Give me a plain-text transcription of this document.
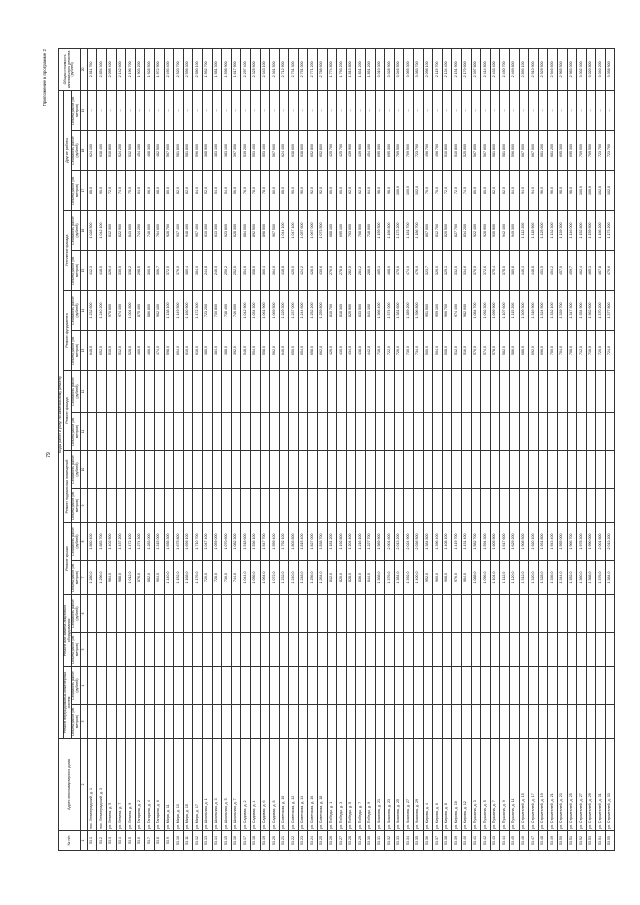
79
Приложение к программе 2
№ п/п	Адрес многоквартирного дома	Виды работ и услуг по капитальному ремонту																	Общая стоимость капитального ремонта (рублей)
		Ремонт внутридомовых инженерных систем		Ремонт или замена лифтового оборудования		Ремонт крыши		Ремонт подвальных помещений		Ремонт фасада		Ремонт фундамента		Утепление фасада		Другие работы			
		Объем работ (кв. метров)	Стоимость работ (рублей)	Объем работ (кв. метров)	Стоимость работ (рублей)	Объем работ (кв. метров)	Стоимость работ (рублей)	Объем работ (кв. метров)	Стоимость работ (рублей)	Объем работ (кв. метров)	Стоимость работ (рублей)	Объем работ (кв. метров)	Стоимость работ (рублей)	Объем работ (кв. метров)	Стоимость работ (рублей)	Объем работ (кв. метров)	Стоимость работ (рублей)	Объем работ (кв. метров)	
1	2	3	4	5	6	7	8	9	10	11	12	13	14	15	16	17	18	19	20
53.1	пос. Ленинградский, д. 1					1 280,0	1 860 400					648,0	1 232 600	412,3	1 028 500	88,0	624 100	–	2 811 760
53.2	пос. Ленинградский, д. 3					1 296,0	1 883 700					652,0	1 240 200	418,0	1 042 100	90,0	638 400	–	2 854 300
53.3	ул. Ленина, д. 5					964,0	1 402 500					510,0	970 600	326,4	812 300	72,0	510 800	–	2 095 400
53.4	ул. Ленина, д. 7					988,0	1 437 200					512,0	974 400	330,0	822 900	74,0	524 200	–	2 142 600
53.5	ул. Ленина, д. 9					1 012,0	1 472 100					528,0	1 004 800	338,2	843 000	75,0	532 500	–	2 196 700
53.6	ул. Гагарина, д. 2					876,0	1 274 300					460,0	875 400	298,5	744 200	64,0	454 100	–	1 903 200
53.7	ул. Гагарина, д. 4					882,0	1 283 000					466,0	886 800	300,0	748 000	66,0	468 300	–	1 928 500
53.8	ул. Гагарина, д. 6					904,0	1 315 000					474,0	902 100	306,7	764 600	68,0	482 500	–	1 972 900
53.9	ул. Мира, д. 11					1 140,0	1 658 300					598,0	1 138 100	372,5	928 700	80,0	567 600	–	2 493 400
53.10	ул. Мира, д. 13					1 152,0	1 675 800					604,0	1 149 500	376,0	937 400	82,0	581 800	–	2 520 700
53.11	ул. Мира, д. 15					1 168,0	1 699 100					610,0	1 160 900	380,4	948 400	82,0	581 800	–	2 556 300
53.12	ул. Мира, д. 17					1 176,0	1 710 700					616,0	1 172 300	384,0	957 400	84,0	596 000	–	2 580 100
53.13	ул. Школьная, д. 1					720,0	1 047 400					380,0	723 200	244,8	610 300	52,0	368 900	–	1 562 700
53.14	ул. Школьная, д. 3					728,0	1 059 000					384,0	730 800	246,0	613 300	54,0	383 100	–	1 581 300
53.15	ул. Школьная, д. 5					736,0	1 070 600					388,0	738 400	250,2	623 800	54,0	383 100	–	1 598 900
53.16	ул. Школьная, д. 7					744,0	1 082 300					392,0	746 000	252,0	628 300	56,0	397 300	–	1 617 900
53.17	ул. Садовая, д. 2					1 044,0	1 518 600					548,0	1 042 900	354,6	884 000	76,0	539 200	–	2 297 400
53.18	ул. Садовая, д. 4					1 056,0	1 536 100					554,0	1 054 300	358,0	892 500	78,0	553 400	–	2 325 600
53.19	ул. Садовая, д. 6					1 064,0	1 547 700					558,0	1 061 900	360,4	898 500	78,0	553 400	–	2 343 100
53.20	ул. Садовая, д. 8					1 072,0	1 559 400					562,0	1 069 500	364,0	907 500	80,0	567 600	–	2 361 500
53.21	ул. Советская, д. 10					1 232,0	1 792 100					646,0	1 229 300	418,8	1 044 100	88,0	624 400	–	2 712 900
53.22	ул. Советская, д. 12					1 240,0	1 803 800					650,0	1 237 000	420,0	1 047 100	90,0	638 600	–	2 731 300
53.23	ул. Советская, д. 14					1 248,0	1 815 400					654,0	1 244 600	424,2	1 057 600	90,0	638 600	–	2 751 000
53.24	ул. Советская, д. 16					1 256,0	1 827 000					658,0	1 252 200	428,0	1 067 000	92,0	652 800	–	2 771 200
53.25	ул. Советская, д. 18					1 264,0	1 838 700					662,0	1 259 800	430,6	1 073 500	92,0	652 800	–	2 788 600
53.26	ул. Победы, д. 1					812,0	1 181 200					426,0	810 700	276,0	688 100	60,0	425 700	–	1 774 800
53.27	ул. Победы, д. 3					820,0	1 192 800					430,0	818 300	278,8	695 100	60,0	425 700	–	1 793 200
53.28	ул. Победы, д. 5					828,0	1 204 400					434,0	825 900	282,0	703 000	62,0	439 900	–	1 813 800
53.29	ул. Победы, д. 7					836,0	1 216 100					438,0	833 500	284,2	708 500	62,0	439 900	–	1 831 200
53.30	ул. Победы, д. 9					844,0	1 227 700					442,0	841 100	288,0	718 000	64,0	454 100	–	1 851 200
53.31	ул. Чкалова, д. 21					1 368,0	1 989 900					718,0	1 366 400	465,1	1 159 500	98,0	695 300	–	3 010 300
53.32	ул. Чкалова, д. 23					1 376,0	2 001 600					722,0	1 374 000	468,0	1 166 800	98,0	695 300	–	3 028 900
53.33	ул. Чкалова, д. 25					1 384,0	2 013 200					726,0	1 381 600	470,6	1 173 200	100,0	709 500	–	3 046 500
53.34	ул. Чкалова, д. 27					1 392,0	2 024 900					730,0	1 389 200	474,0	1 181 700	100,0	709 500	–	3 065 300
53.35	ул. Чкалова, д. 29					1 400,0	2 036 500					734,0	1 396 800	476,0	1 186 700	102,0	723 700	–	3 083 700
53.36	ул. Кирова, д. 4					952,0	1 384 800					500,0	951 500	323,7	807 000	70,0	496 700	–	2 098 100
53.37	ул. Кирова, д. 6					960,0	1 396 400					504,0	959 100	326,0	812 700	70,0	496 700	–	2 115 700
53.38	ул. Кирова, д. 8					968,0	1 408 100					508,0	966 700	329,1	820 500	72,0	510 800	–	2 134 400
53.39	ул. Кирова, д. 10					976,0	1 419 700					512,0	974 400	332,0	827 700	72,0	510 800	–	2 151 900
53.40	ул. Кирова, д. 12					984,0	1 431 400					516,0	982 000	334,6	834 200	74,0	525 000	–	2 170 600
53.41	ул. Пушкина, д. 3					1 088,0	1 582 700					570,0	1 084 700	370,0	922 400	80,0	567 600	–	2 397 800
53.42	ул. Пушкина, д. 5					1 096,0	1 594 300					574,0	1 092 300	372,6	928 900	80,0	567 600	–	2 414 800
53.43	ул. Пушкина, д. 7					1 104,0	1 605 900					578,0	1 099 900	375,4	935 900	82,0	581 800	–	2 433 400
53.44	ул. Пушкина, д. 9					1 112,0	1 617 600					582,0	1 107 600	378,0	942 400	82,0	581 800	–	2 450 700
53.45	ул. Пушкина, д. 11					1 120,0	1 629 200					586,0	1 115 200	380,8	949 300	84,0	596 000	–	2 469 800
53.46	ул. Строителей, д. 15					1 312,0	1 908 500					688,0	1 309 300	446,1	1 112 200	94,0	667 000	–	2 893 100
53.47	ул. Строителей, д. 17					1 320,0	1 920 100					692,0	1 316 900	448,8	1 118 900	94,0	667 000	–	2 910 900
53.48	ул. Строителей, д. 19					1 328,0	1 931 800					696,0	1 324 500	451,5	1 125 600	96,0	681 200	–	2 929 500
53.49	ул. Строителей, д. 21					1 336,0	1 943 400					700,0	1 332 100	454,2	1 132 300	96,0	681 200	–	2 946 600
53.50	ул. Строителей, д. 23					1 344,0	1 955 000					704,0	1 339 700	457,0	1 139 300	98,0	695 300	–	2 965 500
53.51	ул. Строителей, д. 25					1 352,0	1 966 700					708,0	1 347 300	459,7	1 146 000	98,0	695 300	–	2 983 000
53.52	ул. Строителей, д. 27					1 360,0	1 978 300					712,0	1 354 900	462,4	1 152 800	100,0	709 500	–	3 002 300
53.53	ул. Строителей, д. 29					1 368,0	1 990 000					716,0	1 362 600	465,1	1 159 500	100,0	709 500	–	3 020 800
53.54	ул. Строителей, д. 31					1 376,0	2 001 600					720,0	1 370 200	467,8	1 166 200	102,0	723 700	–	3 040 200
53.55	ул. Строителей, д. 33					1 384,0	2 013 200					724,0	1 377 800	470,6	1 173 200	102,0	723 700	–	3 058 900
